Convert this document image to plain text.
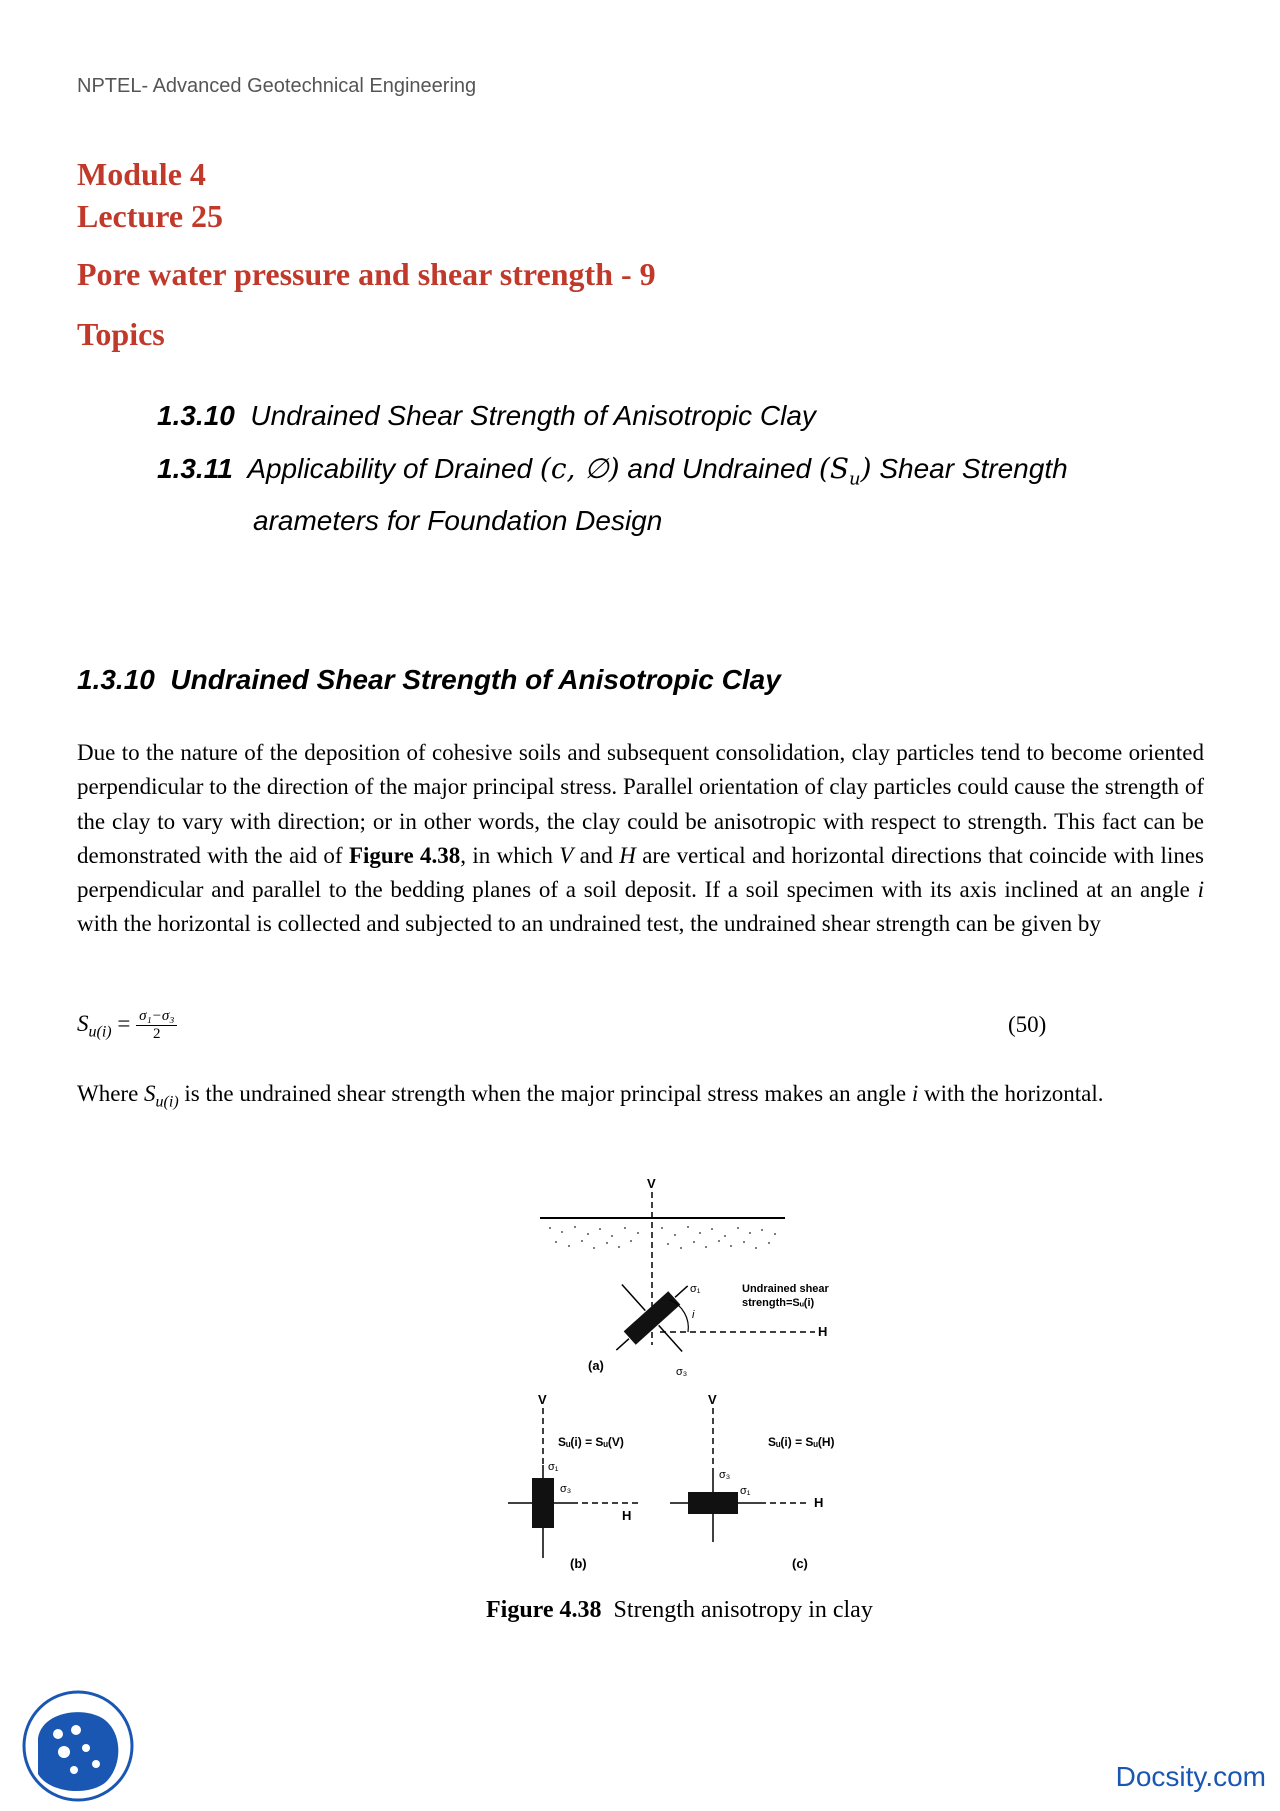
NPTEL- Advanced Geotechnical Engineering
Module 4
Lecture 25
Pore water pressure and shear strength - 9
Topics
1.3.10 Undrained Shear Strength of Anisotropic Clay
1.3.11 Applicability of Drained (c, ∅) and Undrained $(S_u)$ Shear Strength
arameters for Foundation Design
1.3.10 Undrained Shear Strength of Anisotropic Clay
Due to the nature of the deposition of cohesive soils and subsequent consolidation, clay particles tend to become oriented perpendicular to the direction of the major principal stress. Parallel orientation of clay particles could cause the strength of the clay to vary with direction; or in other words, the clay could be anisotropic with respect to strength. This fact can be demonstrated with the aid of Figure 4.38, in which V and H are vertical and horizontal directions that coincide with lines perpendicular and parallel to the bedding planes of a soil deposit. If a soil specimen with its axis inclined at an angle i with the horizontal is collected and subjected to an undrained test, the undrained shear strength can be given by
$S_{u(i)} = \frac{\text{σ₁−σ₃}}{2}$	(50)
Where $S_{u(i)}$ is the undrained shear strength when the major principal stress makes an angle i with the horizontal.
V
i
H
σ₁
σ₃
Undrained shear
strength=Sᵤ(i)
(a)
V
σ₁
σ₃
H
Sᵤ(i) = Sᵤ(V)
(b)
V
σ₃
σ₁
H
Sᵤ(i) = Sᵤ(H)
(c)
Figure 4.38 Strength anisotropy in clay
Docsity.com
